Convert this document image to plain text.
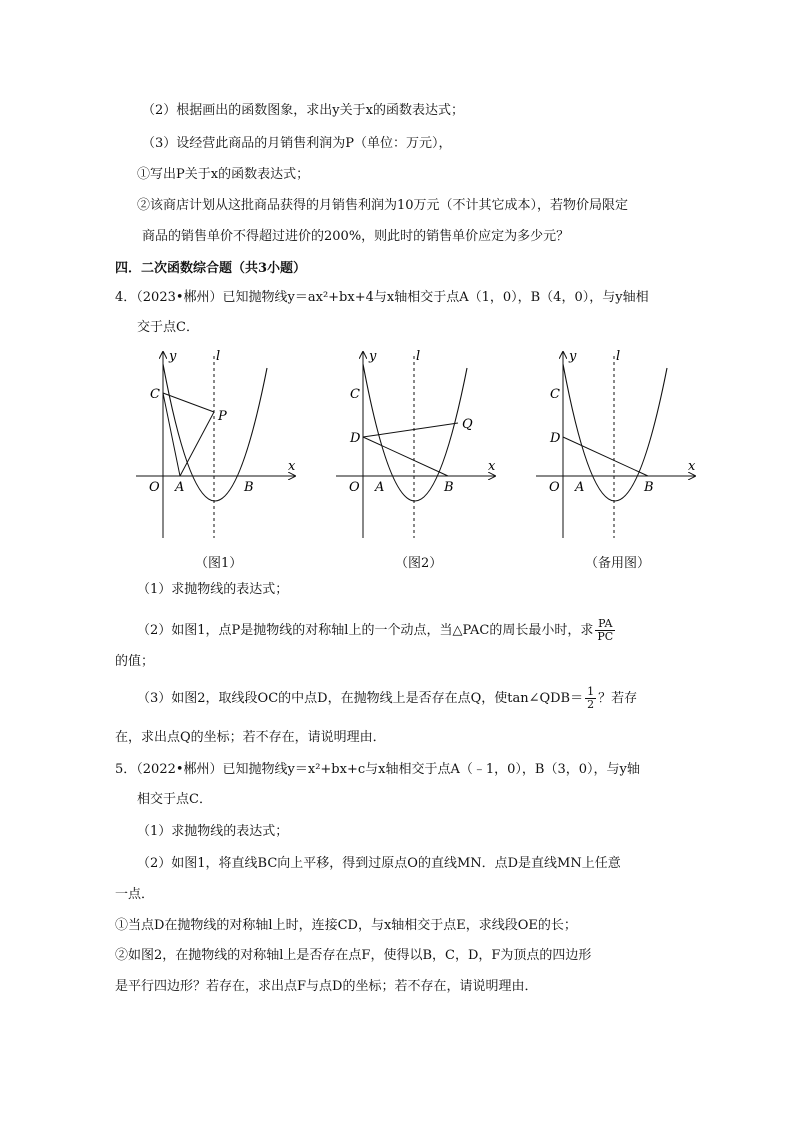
（2）根据画出的函数图象，求出y关于x的函数表达式；
（3）设经营此商品的月销售利润为P（单位：万元），
①写出P关于x的函数表达式；
②该商店计划从这批商品获得的月销售利润为10万元（不计其它成本），若物价局限定
商品的销售单价不得超过进价的200%，则此时的销售单价应定为多少元？
四．二次函数综合题（共3小题）
4．（2023•郴州）已知抛物线y＝ax²+bx+4与x轴相交于点A（1，0），B（4，0），与y轴相
交于点C．
y	l
x
C
P
O A	B
（图1）
y	l
x
C
D
Q
O A	B
（图2）
y	l
x
C
D
O A	B
（备用图）
（1）求抛物线的表达式；
（2）如图1，点P是抛物线的对称轴l上的一个动点，当△PAC的周长最小时，求 $\frac{PA}{PC}$
的值；
（3）如图2，取线段OC的中点D，在抛物线上是否存在点Q，使tan∠QDB＝ $\frac{1}{2}$ ？若存
在，求出点Q的坐标；若不存在，请说明理由．
5．（2022•郴州）已知抛物线y＝x²+bx+c与x轴相交于点A（﹣1，0），B（3，0），与y轴
相交于点C．
（1）求抛物线的表达式；
（2）如图1，将直线BC向上平移，得到过原点O的直线MN．点D是直线MN上任意
一点．
①当点D在抛物线的对称轴l上时，连接CD，与x轴相交于点E，求线段OE的长；
②如图2，在抛物线的对称轴l上是否存在点F，使得以B，C，D，F为顶点的四边形
是平行四边形？若存在，求出点F与点D的坐标；若不存在，请说明理由．
